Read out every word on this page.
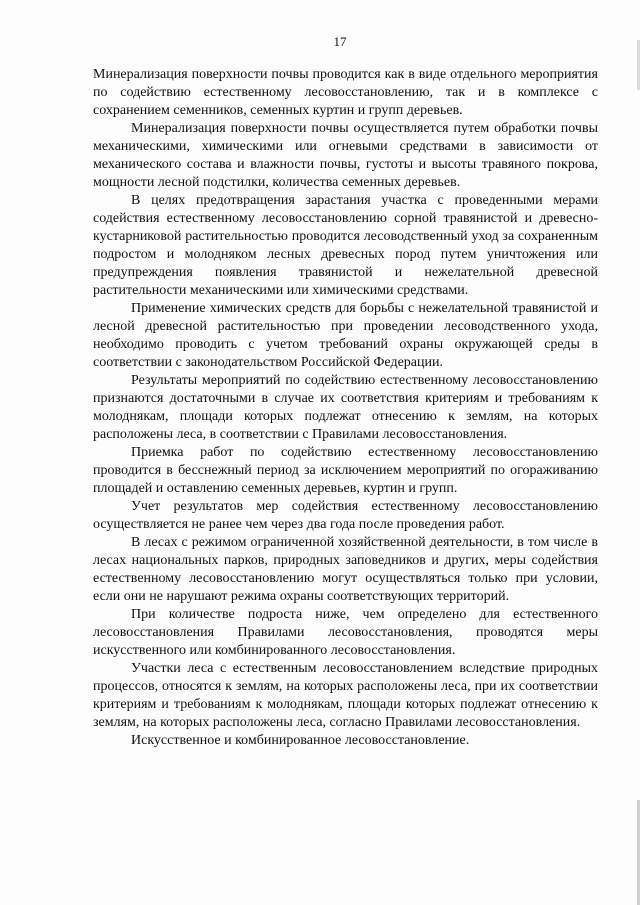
17

Минерализация поверхности почвы проводится как в виде отдельного мероприятия по содействию естественному лесовосстановлению, так и в комплексе с сохранением семенников, семенных куртин и групп деревьев.

Минерализация поверхности почвы осуществляется путем обработки почвы механическими, химическими или огневыми средствами в зависимости от механического состава и влажности почвы, густоты и высоты травяного покрова, мощности лесной подстилки, количества семенных деревьев.

В целях предотвращения зарастания участка с проведенными мерами содействия естественному лесовосстановлению сорной травянистой и древесно-кустарниковой растительностью проводится лесоводственный уход за сохраненным подростом и молодняком лесных древесных пород путем уничтожения или предупреждения появления травянистой и нежелательной древесной растительности механическими или химическими средствами.

Применение химических средств для борьбы с нежелательной травянистой и лесной древесной растительностью при проведении лесоводственного ухода, необходимо проводить с учетом требований охраны окружающей среды в соответствии с законодательством Российской Федерации.

Результаты мероприятий по содействию естественному лесовосстановлению признаются достаточными в случае их соответствия критериям и требованиям к молоднякам, площади которых подлежат отнесению к землям, на которых расположены леса, в соответствии с Правилами лесовосстановления.

Приемка работ по содействию естественному лесовосстановлению проводится в бесснежный период за исключением мероприятий по огораживанию площадей и оставлению семенных деревьев, куртин и групп.

Учет результатов мер содействия естественному лесовосстановлению осуществляется не ранее чем через два года после проведения работ.

В лесах с режимом ограниченной хозяйственной деятельности, в том числе в лесах национальных парков, природных заповедников и других, меры содействия естественному лесовосстановлению могут осуществляться только при условии, если они не нарушают режима охраны соответствующих территорий.

При количестве подроста ниже, чем определено для естественного лесовосстановления Правилами лесовосстановления, проводятся меры искусственного или комбинированного лесовосстановления.

Участки леса с естественным лесовосстановлением вследствие природных процессов, относятся к землям, на которых расположены леса, при их соответствии критериям и требованиям к молоднякам, площади которых подлежат отнесению к землям, на которых расположены леса, согласно Правилами лесовосстановления.

Искусственное и комбинированное лесовосстановление.
